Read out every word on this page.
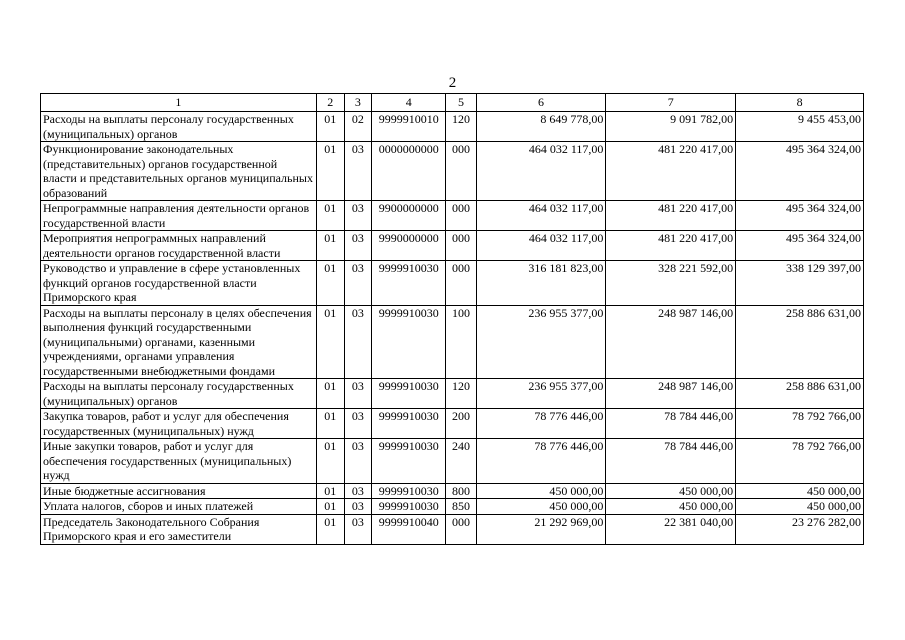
2
1	2	3	4	5	6	7	8
Расходы на выплаты персоналу государственных (муниципальных) органов	01	02	9999910010	120	8 649 778,00	9 091 782,00	9 455 453,00
Функционирование законодательных (представительных) органов государственной власти и представительных органов муниципальных образований	01	03	0000000000	000	464 032 117,00	481 220 417,00	495 364 324,00
Непрограммные направления деятельности органов государственной власти	01	03	9900000000	000	464 032 117,00	481 220 417,00	495 364 324,00
Мероприятия непрограммных направлений деятельности органов государственной власти	01	03	9990000000	000	464 032 117,00	481 220 417,00	495 364 324,00
Руководство и управление в сфере установленных функций органов государственной власти Приморского края	01	03	9999910030	000	316 181 823,00	328 221 592,00	338 129 397,00
Расходы на выплаты персоналу в целях обеспечения выполнения функций государственными (муниципальными) органами, казенными учреждениями, органами управления государственными внебюджетными фондами	01	03	9999910030	100	236 955 377,00	248 987 146,00	258 886 631,00
Расходы на выплаты персоналу государственных (муниципальных) органов	01	03	9999910030	120	236 955 377,00	248 987 146,00	258 886 631,00
Закупка товаров, работ и услуг для обеспечения государственных (муниципальных) нужд	01	03	9999910030	200	78 776 446,00	78 784 446,00	78 792 766,00
Иные закупки товаров, работ и услуг для обеспечения государственных (муниципальных) нужд	01	03	9999910030	240	78 776 446,00	78 784 446,00	78 792 766,00
Иные бюджетные ассигнования	01	03	9999910030	800	450 000,00	450 000,00	450 000,00
Уплата налогов, сборов и иных платежей	01	03	9999910030	850	450 000,00	450 000,00	450 000,00
Председатель Законодательного Собрания Приморского края и его заместители	01	03	9999910040	000	21 292 969,00	22 381 040,00	23 276 282,00
